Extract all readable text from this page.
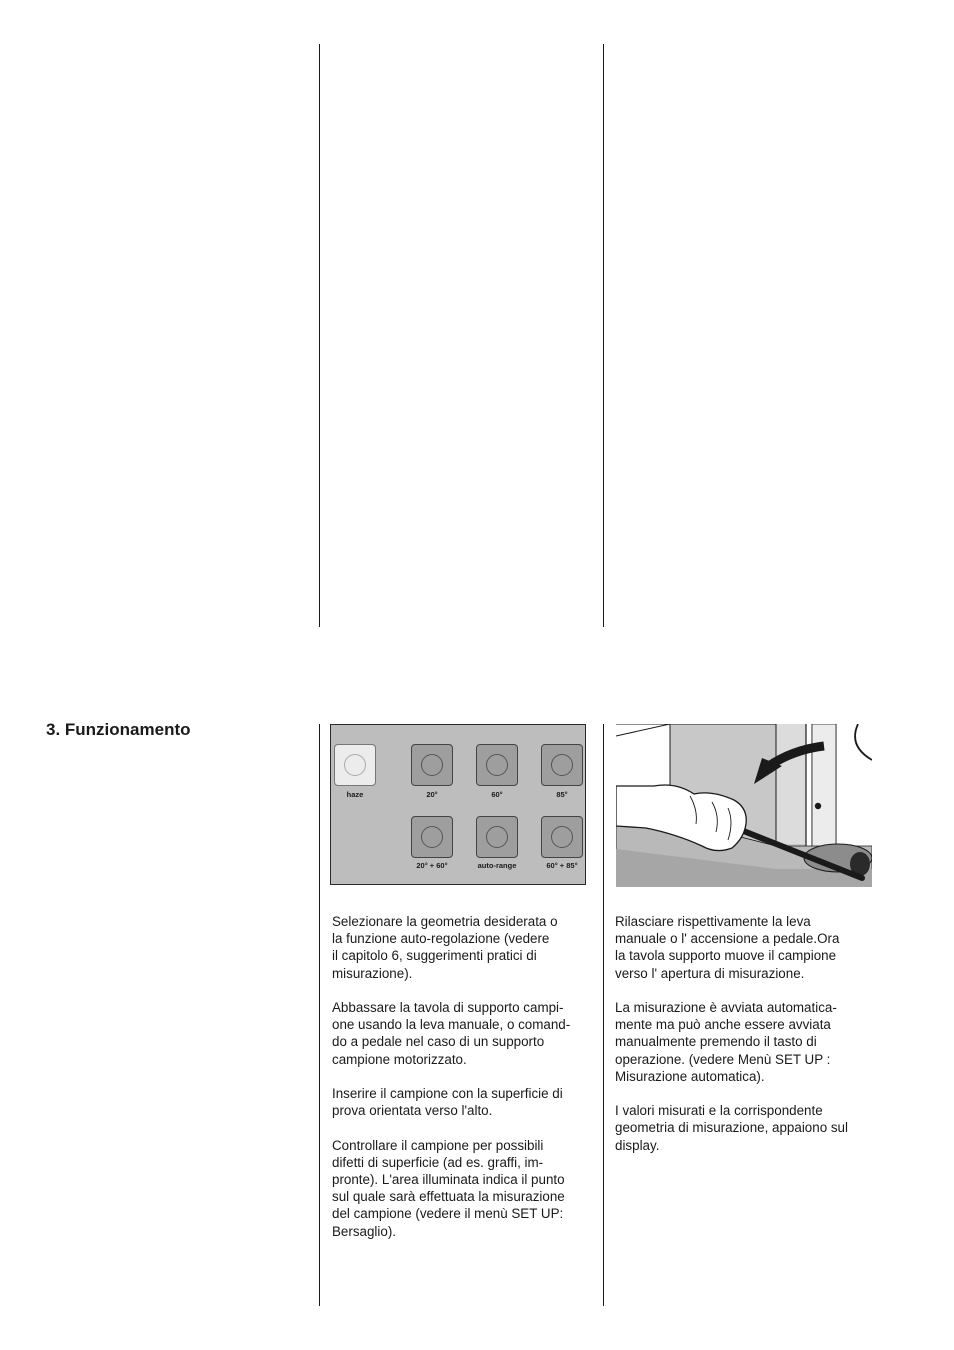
3. Funzionamento
haze	20°	60°	85°
20° + 60°	auto-range	60° + 85°

Selezionare la geometria desiderata o
la funzione auto-regolazione (vedere
il capitolo 6, suggerimenti pratici di
misurazione).

Abbassare la tavola di supporto campi-
one usando la leva manuale, o comand-
do a pedale nel caso di un supporto
campione motorizzato.

Inserire il campione con la superficie di
prova orientata verso l'alto.

Controllare il campione per possibili
difetti di superficie (ad es. graffi, im-
pronte). L'area illuminata indica il punto
sul quale sarà effettuata la misurazione
del campione (vedere il menù SET UP:
Bersaglio).

Rilasciare rispettivamente la leva
manuale o l' accensione a pedale.Ora
la tavola supporto muove il campione
verso l' apertura di misurazione.

La misurazione è avviata automatica-
mente ma può anche essere avviata
manualmente premendo il tasto di
operazione. (vedere Menù SET UP :
Misurazione automatica).

I valori misurati e la corrispondente
geometria di misurazione, appaiono sul
display.
